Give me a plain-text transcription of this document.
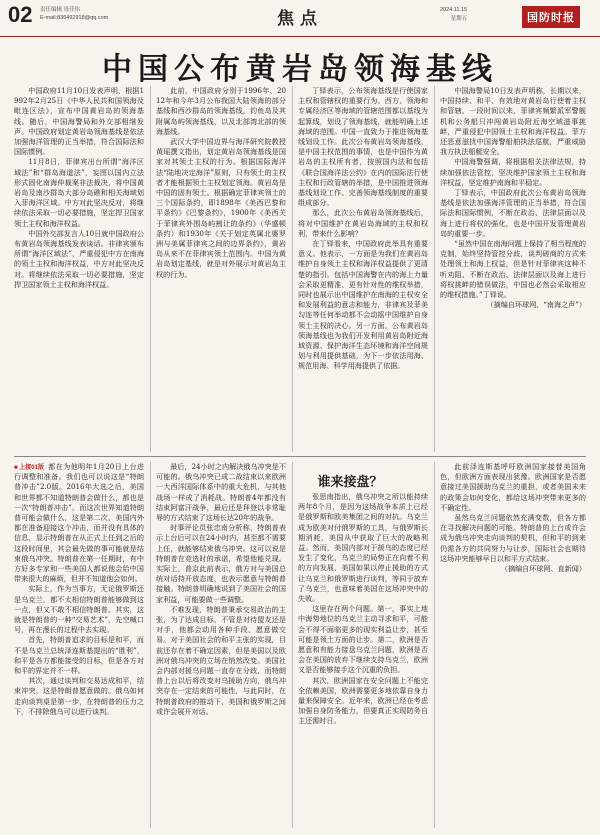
02 责任编辑 母佳伟
E-mail:836492918@qq.com	焦点	2024.11.15
星期五	国防时报
中国公布黄岩岛领海基线

中国政府11月10日发表声明，根据1992年2月25日《中华人民共和国领海及毗连区法》，宣布中国黄岩岛的领海基线。随后，中国海警局和外交部相继发声。中国政府划定黄岩岛领海基线是依法加强海洋管理的正当举措，符合国际法和国际惯例。

11月8日，菲律宾出台所谓“海洋区域法”和“群岛海道法”，妄图以国内立法形式固化南海仲裁案非法裁决，将中国黄岩岛及南沙群岛大部分岛礁和相关海域划入菲海洋区域。中方对此坚决反对，将继续依法采取一切必要措施，坚定捍卫国家领土主权和海洋权益。

中国外交部发言人10日就中国政府公布黄岩岛领海基线发表谈话。非律宾颁布所谓“海洋区域法”，严重侵犯中方在南海的领土主权和海洋权益，中方对此坚决反对。将继续依法采取一切必要措施，坚定捍卫国家领土主权和海洋权益。

此前，中国政府分别于1996年、2012年和今年3月公布我国大陆领海的部分基线和西沙群岛的领海基线，钓鱼岛及其附属岛屿领海基线，以及北部湾北部的领海基线。

武汉大学中国边界与海洋研究院教授黄瑶撰文指出，划定黄岩岛领海基线是国家对其领土主权的行为。根据国际海洋法“陆地决定海洋”原则，只有领土的主权者才能根据领土主权划定领海。黄岩岛是中国的固有领土。根据确定菲律宾领土的三个国际条约，即1898年《美西巴黎和平条约》《巴黎条约》，1900年《美西关于菲律宾外围岛屿割让的条约》（华盛顿条约）和1930年《关于划定英属北婆罗洲与美属菲律宾之间的边界条约》，黄岩岛从来不在菲律宾领土范围内。中国为黄岩岛划定基线，就是对外展示对黄岩岛主权的行为。

丁铎表示，公布领海基线是行使国家主权和管辖权的重要行为。西方、领海和专属经济区等海域的管辖范围都以基线为起算线，划设了领海基线，就能明确上述海域的范围。中国一直致力于推进领海基线划设工作。此次公布黄岩岛领海基线，是中国主权范围的事情，也是中国作为黄岩岛的主权所有者，按照国内法和包括《联合国海洋法公约》在内的国际法行使主权和行政管辖的举措，是中国推进领海基线划设工作、完善领海基线制度的重要组成部分。

那么，此次公布黄岩岛领海基线后，将对中国维护在黄岩岛海域的主权和权利，带来什么影响？

在丁铎看来，中国政府此举具有重要意义。他表示，一方面是为我们在黄岩岛维护自身领土主权和海洋权益提供了更清楚的指引。包括中国海警在内的海上力量会采取更精准、更有针对性的维权举措，同时也展示出中国维护在南海的主权安全和发展利益的意志和能力，非律宾及菲美勾连等任何举动都不会动摇中国维护自身领土主权的决心。另一方面，公布黄岩岛领海基线也为我们开发利用黄岩岛附近海域资源、保护海洋生态环境和海洋空间规划与利用提供基础，为下一步依法用海、规范用海、科学用海提供了依据。

中国海警局10日发表声明称，长期以来，中国持续、和平、有效地对黄岩岛行使着主权和管辖，一段时间以来，菲律宾频繁派军警舰机和公务船只冲闯黄岩岛附近海空域滋事挑衅，严重侵犯中国领土主权和海洋权益。菲方还恶意滋扰中国海警船舶执法巡航，严重威胁我方执法船艇安全。

中国海警强调，将根据相关法律法规，持续加强依法管控，坚决维护国家领土主权和海洋权益，坚定维护南海和平稳定。

丁铎表示，中国政府此次公布黄岩岛领海基线是依法加强海洋管理的正当举措，符合国际法和国际惯例，不断在政治、法律层面以及海上进行将权的强化，也是中国开发管理黄岩岛的重要一步。

“虽然中国在南海问题上保持了相当程度的克制，始终坚持管控分歧，谈判磋商的方式来处理领土和海上权益，但是针对菲律宾这种不听劝阻、不断在政治、法律层面以及海上进行将权挑衅的错误做法，中国也必然会采取相应的维权措施。”丁铎说。

（摘编自环球网、“南海之声”）

■ 上接01版 都在为他明年1月20日上台进行调整和准备。我们也可以说这是“特朗普冲击”2.0版。2016年大选之后，美国和世界都不知道特朗普会做什么，都也是一次“特朗普冲击”。而这次世界知道特朗普可能会做什么，这是第二次，美国内外都在准备迎接这个冲击，而并没有具体的信息，显示特朗普在从正式上任到之后的这段时间里，其会最先做的事可能就是结束俄乌冲突。特朗普在第一任期时，有中方好多专家和一些美国人都说他会给中国带来很大的麻烦，但并不知道他会如何。

实际上，作为当事方，无论俄罗斯还是乌克兰，都不太相信特朗普能够做到这一点，但又不敢不相信特朗普。其实，这就是特朗普的一种“交易艺术”，先空喊口号，再在漫长的过程中去实现。

首先，特朗普追求的目标是和平，而不是乌克兰总统泽连斯基提出的“胜利”，和平是各方都能接受的目标，但是各方对和平的界定并不一样。

其次，通过谈判和交易达成和平，结束冲突，这是特朗普愿意做的。俄乌如何走向谈判桌是第一步，在特朗普的压力之下，不排除俄乌可以进行谈判。

最后，24小时之内解决俄乌冲突是不可能的。俄乌冲突已成二战结束以来欧洲一大西洋国际体系中的重大危机，与其他战场一样成了消耗战。特朗普4年都没有结束阿富汗战争，最后还是拜登以非常耻辱的方式结束了这场长达20年的战争。

时事评论员张忠南分析称，特朗普表示上台后可以在24小时内，甚至都不需要上任，就能够结束俄乌冲突。这可以说是特朗普在竞选时的承诺，希望他能兑现。实际上，普京此前表示，俄方对与美国总统对话持开放态度，也表示愿意与特朗普接触。特朗普明确地说到了美国社会的国家利益，可能要做一些调整。

不难发现，特朗普秉承交易政治的主张，为了达成目标，不管是对待盟友还是对手，他都会动用各种手段，愿意做交易。对于美国社会的和平主张的实现，目前还存在着不确定因素，但是美国以及欧洲对俄乌冲突的立场在悄然改变。美国社会内部对援乌问题一直存在分歧，而特朗普上台以后将改变对乌援助方向，俄乌冲突存在一定结束的可能性，与此同时，在特朗普政府的推动下，美国和俄罗斯之间或许会展开对话。

谁来接盘？

张思南指出，俄乌冲突之所以能持续两年8个月，是因为这场战争本质上已经是俄罗斯和欧美集团之间的对抗。乌克兰成为欧美对付俄罗斯的工具，与俄罗斯长期消耗，美国从中获取了巨大的战略利益。然而，美国内部对于援乌的态度已经发生了变化，乌克兰的局势正在向着不利的方向发展，美国如果以停止援助的方式让乌克兰和俄罗斯进行谈判，等同于放弃了乌克兰，也意味着美国在这场冲突中的失败。

这里存在两个问题。第一，事实上地中海势地位的乌克兰主动寻求和平，可能会不得不面临更多的现实利益让步，甚至可能是领土方面的让步。第二，欧洲是否愿意和有能力接盘乌克兰问题，欧洲是否会在美国的放弃下继续支持乌克兰，欧洲又是否能够接手这个沉重的负担。

其次，欧洲国家在安全问题上不能完全依赖美国，欧洲需要更多地依靠自身力量来保障安全。近年来，欧洲已经在考虑加强自身防务能力，但要真正实现防务自主还需时日。

此前泽连斯基呼吁欧洲国家接替美国角色，但欧洲方面表现出犹豫。欧洲国家是否愿意接过美国援助乌克兰的重担，或者美国未来的政策会如何变化，都给这场冲突带来更多的不确定性。

虽然乌克兰问题依然充满变数，但各方都在寻找解决问题的可能。特朗普的上台或许会成为俄乌冲突走向谈判的契机，但和平的到来仍需各方的共同努力与让步，国际社会也期待这场冲突能够早日以和平方式结束。

（摘编自环球网、直新闻）
